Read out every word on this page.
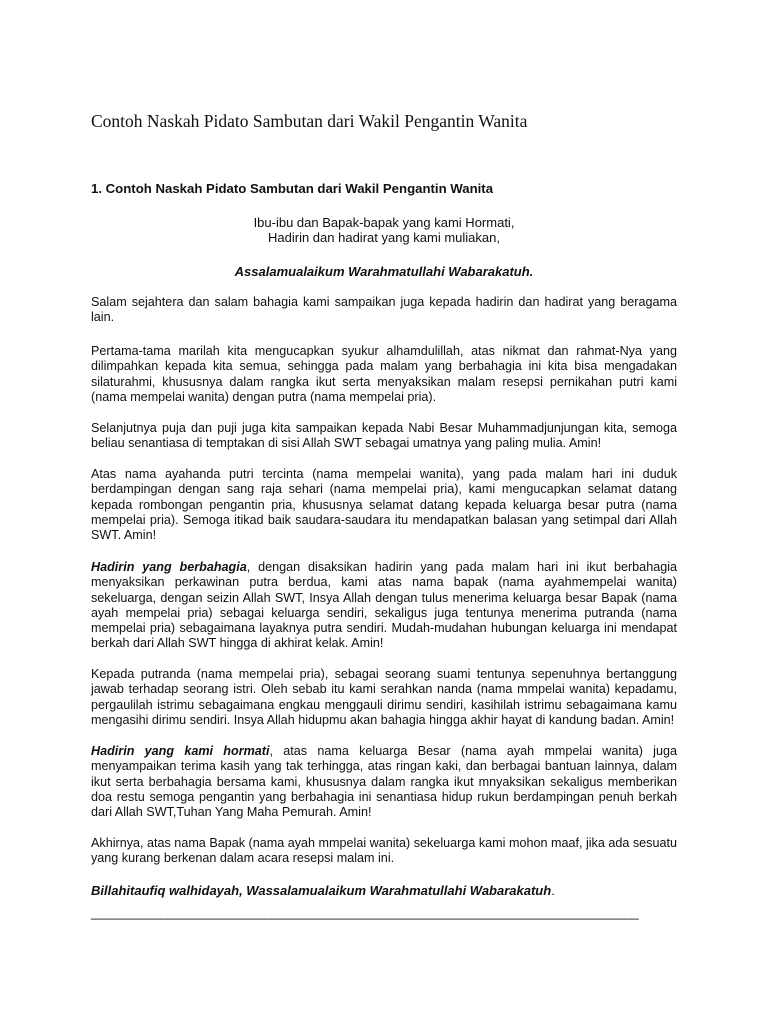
Contoh Naskah Pidato Sambutan dari Wakil Pengantin Wanita
1. Contoh Naskah Pidato Sambutan dari Wakil Pengantin Wanita
Ibu-ibu dan Bapak-bapak yang kami Hormati,
Hadirin dan hadirat yang kami muliakan,

Assalamualaikum Warahmatullahi Wabarakatuh.

Salam sejahtera dan salam bahagia kami sampaikan juga kepada hadirin dan hadirat yang beragama lain.

Pertama-tama marilah kita mengucapkan syukur alhamdulillah, atas nikmat dan rahmat-Nya yang dilimpahkan kepada kita semua, sehingga pada malam yang berbahagia ini kita bisa mengadakan silaturahmi, khususnya dalam rangka ikut serta menyaksikan malam resepsi pernikahan putri kami (nama mempelai wanita) dengan putra (nama mempelai pria).

Selanjutnya puja dan puji juga kita sampaikan kepada Nabi Besar Muhammadjunjungan kita, semoga beliau senantiasa di temptakan di sisi Allah SWT sebagai umatnya yang paling mulia. Amin!

Atas nama ayahanda putri tercinta (nama mempelai wanita), yang pada malam hari ini duduk berdampingan dengan sang raja sehari (nama mempelai pria), kami mengucapkan selamat datang kepada rombongan pengantin pria, khususnya selamat datang kepada keluarga besar putra (nama mempelai pria). Semoga itikad baik saudara-saudara itu mendapatkan balasan yang setimpal dari Allah SWT. Amin!

Hadirin yang berbahagia, dengan disaksikan hadirin yang pada malam hari ini ikut berbahagia menyaksikan perkawinan putra berdua, kami atas nama bapak (nama ayahmempelai wanita) sekeluarga, dengan seizin Allah SWT, Insya Allah dengan tulus menerima keluarga besar Bapak (nama ayah mempelai pria) sebagai keluarga sendiri, sekaligus juga tentunya menerima putranda (nama mempelai pria) sebagaimana layaknya putra sendiri. Mudah-mudahan hubungan keluarga ini mendapat berkah dari Allah SWT hingga di akhirat kelak. Amin!

Kepada putranda (nama mempelai pria), sebagai seorang suami tentunya sepenuhnya bertanggung jawab terhadap seorang istri. Oleh sebab itu kami serahkan nanda (nama mmpelai wanita) kepadamu, pergaulilah istrimu sebagaimana engkau menggauli dirimu sendiri, kasihilah istrimu sebagaimana kamu mengasihi dirimu sendiri. Insya Allah hidupmu akan bahagia hingga akhir hayat di kandung badan. Amin!

Hadirin yang kami hormati, atas nama keluarga Besar (nama ayah mmpelai wanita) juga menyampaikan terima kasih yang tak terhingga, atas ringan kaki, dan berbagai bantuan lainnya, dalam ikut serta berbahagia bersama kami, khususnya dalam rangka ikut mnyaksikan sekaligus memberikan doa restu semoga pengantin yang berbahagia ini senantiasa hidup rukun berdampingan penuh berkah dari Allah SWT,Tuhan Yang Maha Pemurah. Amin!

Akhirnya, atas nama Bapak (nama ayah mmpelai wanita) sekeluarga kami mohon maaf, jika ada sesuatu yang kurang berkenan dalam acara resepsi malam ini.

Billahitaufiq walhidayah, Wassalamualaikum Warahmatullahi Wabarakatuh.

_______________________________________________________________________________
